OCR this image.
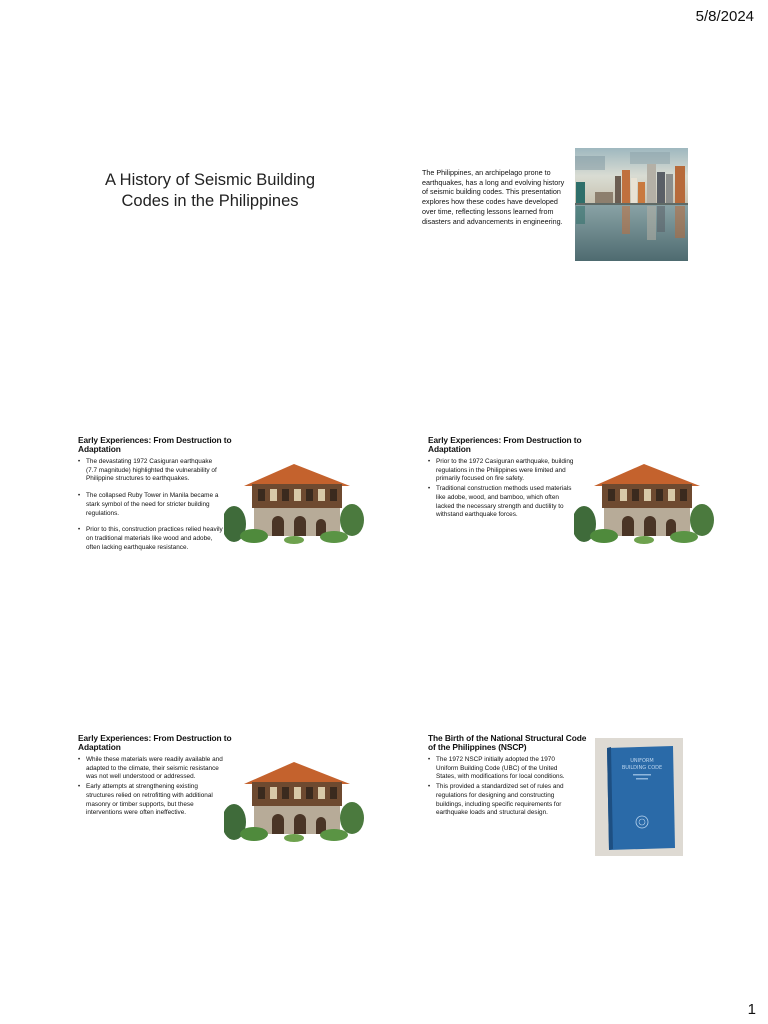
5/8/2024
A History of Seismic Building Codes in the Philippines
The Philippines, an archipelago prone to earthquakes, has a long and evolving history of seismic building codes. This presentation explores how these codes have developed over time, reflecting lessons learned from disasters and advancements in engineering.
Early Experiences: From Destruction to Adaptation
• The devastating 1972 Casiguran earthquake (7.7 magnitude) highlighted the vulnerability of Philippine structures to earthquakes.
• The collapsed Ruby Tower in Manila became a stark symbol of the need for stricter building regulations.
• Prior to this, construction practices relied heavily on traditional materials like wood and adobe, often lacking earthquake resistance.
Early Experiences: From Destruction to Adaptation
• Prior to the 1972 Casiguran earthquake, building regulations in the Philippines were limited and primarily focused on fire safety.
• Traditional construction methods used materials like adobe, wood, and bamboo, which often lacked the necessary strength and ductility to withstand earthquake forces.
Early Experiences: From Destruction to Adaptation
• While these materials were readily available and adapted to the climate, their seismic resistance was not well understood or addressed.
• Early attempts at strengthening existing structures relied on retrofitting with additional masonry or timber supports, but these interventions were often ineffective.
The Birth of the National Structural Code of the Philippines (NSCP)
• The 1972 NSCP initially adopted the 1970 Uniform Building Code (UBC) of the United States, with modifications for local conditions.
• This provided a standardized set of rules and regulations for designing and constructing buildings, including specific requirements for earthquake loads and structural design.
UNIFORM
BUILDING CODE
1
